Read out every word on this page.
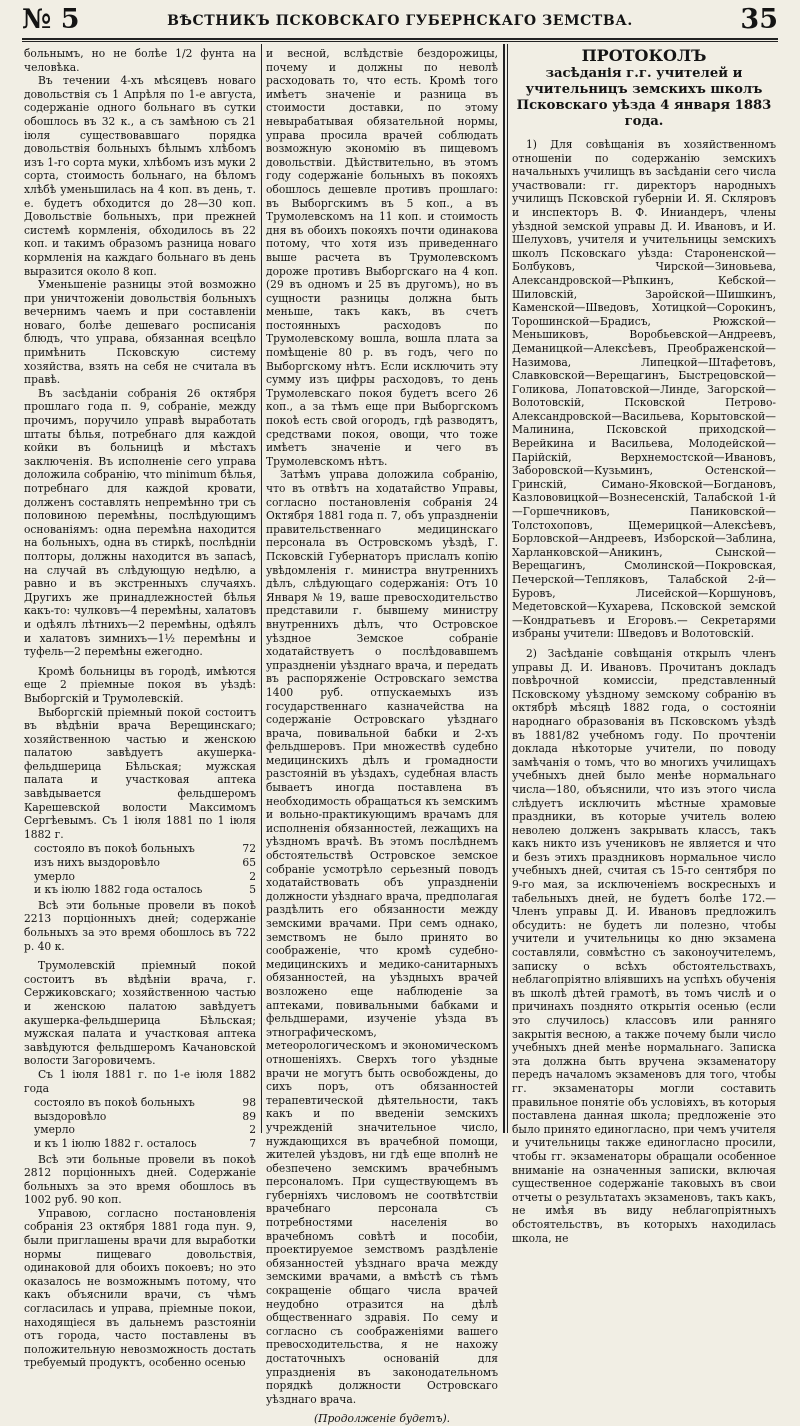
№ 5	ВѢСТНИКЪ ПСКОВСКАГО ГУБЕРНСКАГО ЗЕМСТВА.	35

больнымъ, но не болѣе 1/2 фунта на человѣка.

Въ течении 4-хъ мѣсяцевъ новаго довольствія съ 1 Апрѣля по 1-е августа, содержаніе одного больнаго въ сутки обошлось въ 32 к., а съ замѣною съ 21 іюля существовавшаго порядка довольствія больныхъ бѣлымъ хлѣбомъ изъ 1-го сорта муки, хлѣбомъ изъ муки 2 сорта, стоимость больнаго, на бѣломъ хлѣбѣ уменьшилась на 4 коп. въ день, т. е. будетъ обходится до 28—30 коп. Довольствіе больныхъ, при прежней системѣ кормленія, обходилось въ 22 коп. и такимъ образомъ разница новаго кормленія на каждаго больнаго въ день выразится около 8 коп.

Уменьшеніе разницы этой возможно при уничтоженіи довольствія больныхъ вечернимъ чаемъ и при составленіи новаго, болѣе дешеваго росписанія блюдъ, что управа, обязанная всецѣло примѣнить Псковскую систему хозяйства, взять на себя не считала въ правѣ.

Въ засѣданіи собранія 26 октября прошлаго года п. 9, собраніе, между прочимъ, поручило управѣ выработать штаты бѣлья, потребнаго для каждой койки въ больницѣ и мѣстахъ заключенія. Въ исполненіе сего управа доложила собранію, что minimum бѣлья, потребнаго для каждой кровати, долженъ составлять непремѣнно три съ половиною перемѣны, послѣдующимъ основаніямъ: одна перемѣна находится на больныхъ, одна въ стиркѣ, послѣдніи полторы, должны находится въ запасѣ, на случай въ слѣдующую недѣлю, а равно и въ экстренныхъ случаяхъ. Другихъ же принадлежностей бѣлья какъ-то: чулковъ—4 перемѣны, халатовъ и одѣялъ лѣтнихъ—2 перемѣны, одѣялъ и халатовъ зимнихъ—1½ перемѣны и туфель—2 перемѣны ежегодно.

Кромѣ больницы въ городѣ, имѣются еще 2 пріемные покоя въ уѣздѣ: Выборгскій и Трумолевскій.

Выборгскій пріемный покой состоитъ въ вѣдѣніи врача Верещинскаго; хозяйственною частью и женскою палатою завѣдуетъ акушерка-фельдшерица Бѣльская; мужская палата и участковая аптека завѣдывается фельдшеромъ Карешевской волости Максимомъ Сергѣевымъ. Съ 1 іюля 1881 по 1 іюля 1882 г.

состояло въ покоѣ больныхъ	72
изъ нихъ выздоровѣло	65
умерло	2
и къ іюлю 1882 года осталось	5

Всѣ эти больные провели въ покоѣ 2213 порціонныхъ дней; содержаніе больныхъ за это время обошлось въ 722 р. 40 к.

Трумолевскій пріемный покой состоитъ въ вѣдѣніи врача, г. Сержиковскаго; хозяйственною частью и женскою палатою завѣдуетъ акушерка-фельдшерица Бѣльская; мужская палата и участковая аптека завѣдуются фельдшеромъ Качановской волости Загоровичемъ.

Съ 1 іюля 1881 г. по 1-е іюля 1882 года

состояло въ покоѣ больныхъ	98
выздоровѣло	89
умерло	2
и къ 1 іюлю 1882 г. осталось	7

Всѣ эти больные провели въ покоѣ 2812 порціонныхъ дней. Содержаніе больныхъ за это время обошлось въ 1002 руб. 90 коп.

Управою, согласно постановленія собранія 23 октября 1881 года пун. 9, были приглашены врачи для выработки нормы пищеваго довольствія, одинаковой для обоихъ покоевъ; но это оказалось не возможнымъ потому, что какъ объяснили врачи, съ чѣмъ согласилась и управа, пріемные покои, находящіеся въ дальнемъ разстояніи отъ города, часто поставлены въ положительную невозможность достать требуемый продуктъ, особенно осенью

и весной, вслѣдствіе бездорожицы, почему и должны по неволѣ расходовать то, что есть. Кромѣ того имѣетъ значеніе и разница въ стоимости доставки, по этому невырабатывая обязательной нормы, управа просила врачей соблюдать возможную экономію въ пищевомъ довольствіи. Дѣйствительно, въ этомъ году содержаніе больныхъ въ покояхъ обошлось дешевле противъ прошлаго: въ Выборгскимъ въ 5 коп., а въ Трумолевскомъ на 11 коп. и стоимость дня въ обоихъ покояхъ почти одинакова потому, что хотя изъ приведеннаго выше расчета въ Трумолевскомъ дороже противъ Выборгскаго на 4 коп. (29 въ одномъ и 25 въ другомъ), но въ сущности разницы должна быть меньше, такъ какъ, въ счетъ постоянныхъ расходовъ по Трумолевскому вошла, вошла плата за помѣщеніе 80 р. въ годъ, чего по Выборгскому нѣтъ. Если исключить эту сумму изъ цифры расходовъ, то день Трумолевскаго покоя будетъ всего 26 коп., а за тѣмъ еще при Выборгскомъ покоѣ есть свой огородъ, гдѣ разводятъ, средствами покоя, овощи, что тоже имѣетъ значеніе и чего въ Трумолевскомъ нѣтъ.

Затѣмъ управа доложила собранію, что въ отвѣтъ на ходатайство Управы, согласно постановленія собранія 24 Октября 1881 года п. 7, объ упраздненіи правительственнаго медицинскаго персонала въ Островскомъ уѣздѣ, Г. Псковскій Губернаторъ прислалъ копію увѣдомленія г. министра внутреннихъ дѣлъ, слѣдующаго содержанія: Отъ 10 Января № 19, ваше превосходительство представили г. бывшему министру внутреннихъ дѣлъ, что Островское уѣздное Земское собраніе ходатайствуетъ о послѣдовавшемъ упраздненіи уѣзднаго врача, и передать въ распоряженіе Островскаго земства 1400 руб. отпускаемыхъ изъ государственнаго казначейства на содержаніе Островскаго уѣзднаго врача, повивальной бабки и 2-хъ фельдшеровъ. При множествѣ судебно медицинскихъ дѣлъ и громадности разстояній въ уѣздахъ, судебная власть бываетъ иногда поставлена въ необходимость обращаться къ земскимъ и вольно-практикующимъ врачамъ для исполненія обязанностей, лежащихъ на уѣздномъ врачѣ. Въ этомъ послѣднемъ обстоятельствѣ Островское земское собраніе усмотрѣло серьезный поводъ ходатайствовать объ упраздненіи должности уѣзднаго врача, предполагая раздѣлить его обязанности между земскими врачами. При семъ однако, земствомъ не было принято во соображеніе, что кромѣ судебно-медицинскихъ и медико-санитарныхъ обязанностей, на уѣздныхъ врачей возложено еще наблюденіе за аптеками, повивальными бабками и фельдшерами, изученіе уѣзда въ этнографическомъ, метеорологическомъ и экономическомъ отношеніяхъ. Сверхъ того уѣздные врачи не могутъ быть освобождены, до сихъ поръ, отъ обязанностей терапевтической дѣятельности, такъ какъ и по введеніи земскихъ учрежденій значительное число, нуждающихся въ врачебной помощи, жителей уѣздовъ, ни гдѣ еще вполнѣ не обезпечено земскимъ врачебнымъ персоналомъ. При существующемъ въ губерніяхъ числовомъ не соотвѣтствіи врачебнаго персонала съ потребностями населенія во врачебномъ совѣтѣ и пособіи, проектируемое земствомъ раздѣленіе обязанностей уѣзднаго врача между земскими врачами, а вмѣстѣ съ тѣмъ сокращеніе общаго числа врачей неудобно отразится на дѣлѣ общественнаго здравія. По сему и согласно съ соображеніями вашего превосходительства, я не нахожу достаточныхъ основаній для упраздненія въ законодательномъ порядкѣ должности Островскаго уѣзднаго врача.

(Продолженіе будетъ).
ПРОТОКОЛЪ
засѣданія г.г. учителей и учительницъ земскихъ школъ Псковскаго уѣзда 4 января 1883 года.

1) Для совѣщанія въ хозяйственномъ отношеніи по содержанію земскихъ начальныхъ училищъ въ засѣданіи сего числа участвовали: гг. директоръ народныхъ училищъ Псковской губерніи И. Я. Скляровъ и инспекторъ В. Ф. Иниандеръ, члены уѣздной земской управы Д. И. Ивановъ, и И. Шелуховъ, учителя и учительницы земскихъ школъ Псковскаго уѣзда: Староненской—Болбуковъ, Чирской—Зиновьева, Александровской—Рѣпкинъ, Кебской—Шиловскій, Заройской—Шишкинъ, Каменской—Шведовъ, Хотицкой—Сорокинъ, Торошинской—Брадисъ, Рюжской—Меньшиковъ, Воробьевской—Андреевъ, Деманицкой—Алексѣевъ, Преображенской—Назимова, Липецкой—Штафетовъ, Славковской—Верещагинъ, Быстрецовской—Голикова, Лопатовской—Линде, Загорской—Волотовскій, Псковской Петрово-Александровской—Васильева, Корытовской—Малинина, Псковской приходской—Верейкина и Васильева, Молодейской—Парійскій, Верхнемостской—Ивановъ, Заборовской—Кузьминъ, Остенской—Гринскій, Симано-Яковской—Богдановъ, Казлововицкой—Вознесенскій, Талабской 1-й—Горшечниковъ, Паниковской—Толстохоповъ, Щемерицкой—Алексѣевъ, Борловской—Андреевъ, Изборской—Заблина, Харланковской—Аникинъ, Сынской—Верещагинъ, Смолинской—Покровская, Печерской—Тепляковъ, Талабской 2-й—Буровъ, Лисейской—Коршуновъ, Медетовской—Кухарева, Псковской земской—Кондратьевъ и Егоровъ.— Секретарями избраны учители: Шведовъ и Волотовскій.

2) Засѣданіе совѣщанія открылъ членъ управы Д. И. Ивановъ. Прочитанъ докладъ повѣрочной комиссіи, представленный Псковскому уѣздному земскому собранію въ октябрѣ мѣсяцѣ 1882 года, о состояніи народнаго образованія въ Псковскомъ уѣздѣ въ 1881/82 учебномъ году. По прочтеніи доклада нѣкоторые учители, по поводу замѣчанія о томъ, что во многихъ училищахъ учебныхъ дней было менѣе нормальнаго числа—180, объяснили, что изъ этого числа слѣдуетъ исключить мѣстные храмовые праздники, въ которые учитель волею неволею долженъ закрывать классъ, такъ какъ никто изъ учениковъ не является и что и безъ этихъ праздниковъ нормальное число учебныхъ дней, считая съ 15-го сентября по 9-го мая, за исключеніемъ воскресныхъ и табельныхъ дней, не будетъ болѣе 172.—Членъ управы Д. И. Ивановъ предложилъ обсудить: не будетъ ли полезно, чтобы учители и учительницы ко дню экзамена составляли, совмѣстно съ законоучителемъ, записку о всѣхъ обстоятельствахъ, неблагопріятно вліявшихъ на успѣхъ обученія въ школѣ дѣтей грамотѣ, въ томъ числѣ и о причинахъ позднято открытія осенью (если это случилось) классовъ или ранняго закрытія весною, а также почему были число учебныхъ дней менѣе нормальнаго. Записка эта должна быть вручена экзаменатору передъ началомъ экзаменовъ для того, чтобы гг. экзаменаторы могли составить правильное понятіе объ условіяхъ, въ которыя поставлена данная школа; предложеніе это было принято единогласно, при чемъ учителя и учительницы также единогласно просили, чтобы гг. экзаменаторы обращали особенное вниманіе на означенныя записки, включая существенное содержаніе таковыхъ въ свои отчеты о результатахъ экзаменовъ, такъ какъ, не имѣя въ виду неблагопріятныхъ обстоятельствъ, въ которыхъ находилась школа, не
